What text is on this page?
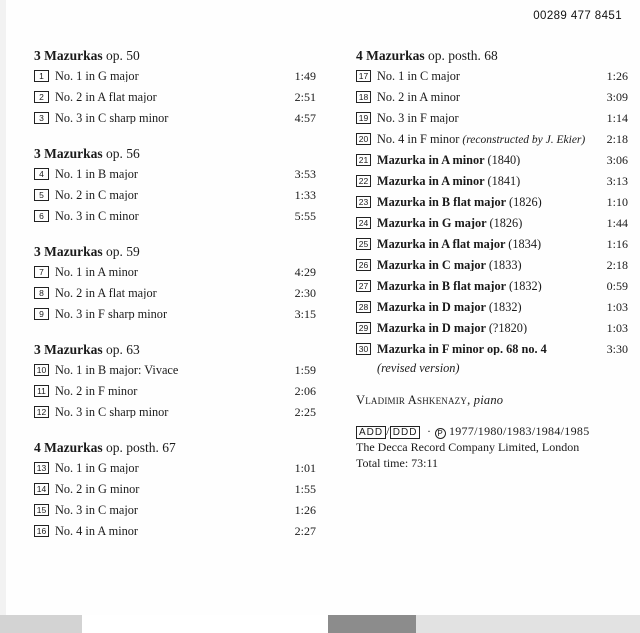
00289 477 8451
3 Mazurkas op. 50
1 No. 1 in G major	1:49
2 No. 2 in A flat major	2:51
3 No. 3 in C sharp minor	4:57
3 Mazurkas op. 56
4 No. 1 in B major	3:53
5 No. 2 in C major	1:33
6 No. 3 in C minor	5:55
3 Mazurkas op. 59
7 No. 1 in A minor	4:29
8 No. 2 in A flat major	2:30
9 No. 3 in F sharp minor	3:15
3 Mazurkas op. 63
10 No. 1 in B major: Vivace	1:59
11 No. 2 in F minor	2:06
12 No. 3 in C sharp minor	2:25
4 Mazurkas op. posth. 67
13 No. 1 in G major	1:01
14 No. 2 in G minor	1:55
15 No. 3 in C major	1:26
16 No. 4 in A minor	2:27
4 Mazurkas op. posth. 68
17 No. 1 in C major	1:26
18 No. 2 in A minor	3:09
19 No. 3 in F major	1:14
20 No. 4 in F minor (reconstructed by J. Ekier)	2:18
21 Mazurka in A minor (1840)	3:06
22 Mazurka in A minor (1841)	3:13
23 Mazurka in B flat major (1826)	1:10
24 Mazurka in G major (1826)	1:44
25 Mazurka in A flat major (1834)	1:16
26 Mazurka in C major (1833)	2:18
27 Mazurka in B flat major (1832)	0:59
28 Mazurka in D major (1832)	1:03
29 Mazurka in D major (?1820)	1:03
30 Mazurka in F minor op. 68 no. 4	3:30
(revised version)
Vladimir Ashkenazy, piano
ADD / DDD  · P 1977/1980/1983/1984/1985
The Decca Record Company Limited, London
Total time: 73:11
